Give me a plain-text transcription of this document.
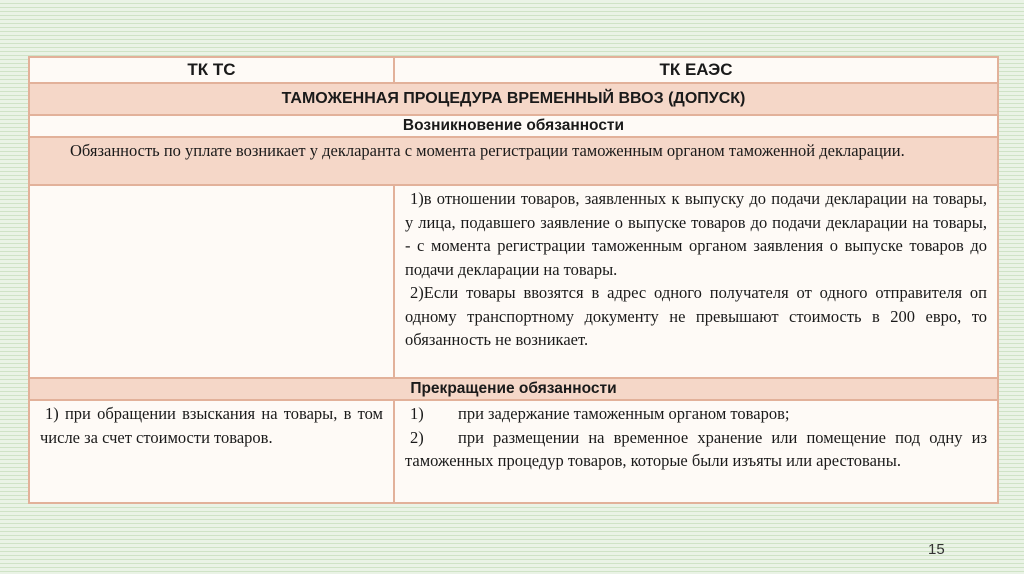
ТК ТС	ТК ЕАЭС
ТАМОЖЕННАЯ ПРОЦЕДУРА ВРЕМЕННЫЙ ВВОЗ (ДОПУСК)	
Возникновение обязанности	
Обязанность по уплате возникает у декларанта с момента регистрации таможенным органом таможенной декларации.	

	1)в отношении товаров, заявленных к выпуску до подачи декларации на товары, у лица, подавшего заявление о выпуске товаров до подачи декларации на товары, - с момента регистрации таможенным органом заявления о выпуске товаров до подачи декларации на товары.

2)Если товары ввозятся в адрес одного получателя от одного отправителя оп одному транспортному документу не превышают стоимость в 200 евро, то обязанность не возникает.

Прекращение обязанности	

1) при обращении взыскания на товары, в том числе за счет стоимости товаров.	1) при задержание таможенным органом товаров;

2) при размещении на временное хранение или помещение под одну из таможенных процедур товаров, которые были изъяты или арестованы.

15
